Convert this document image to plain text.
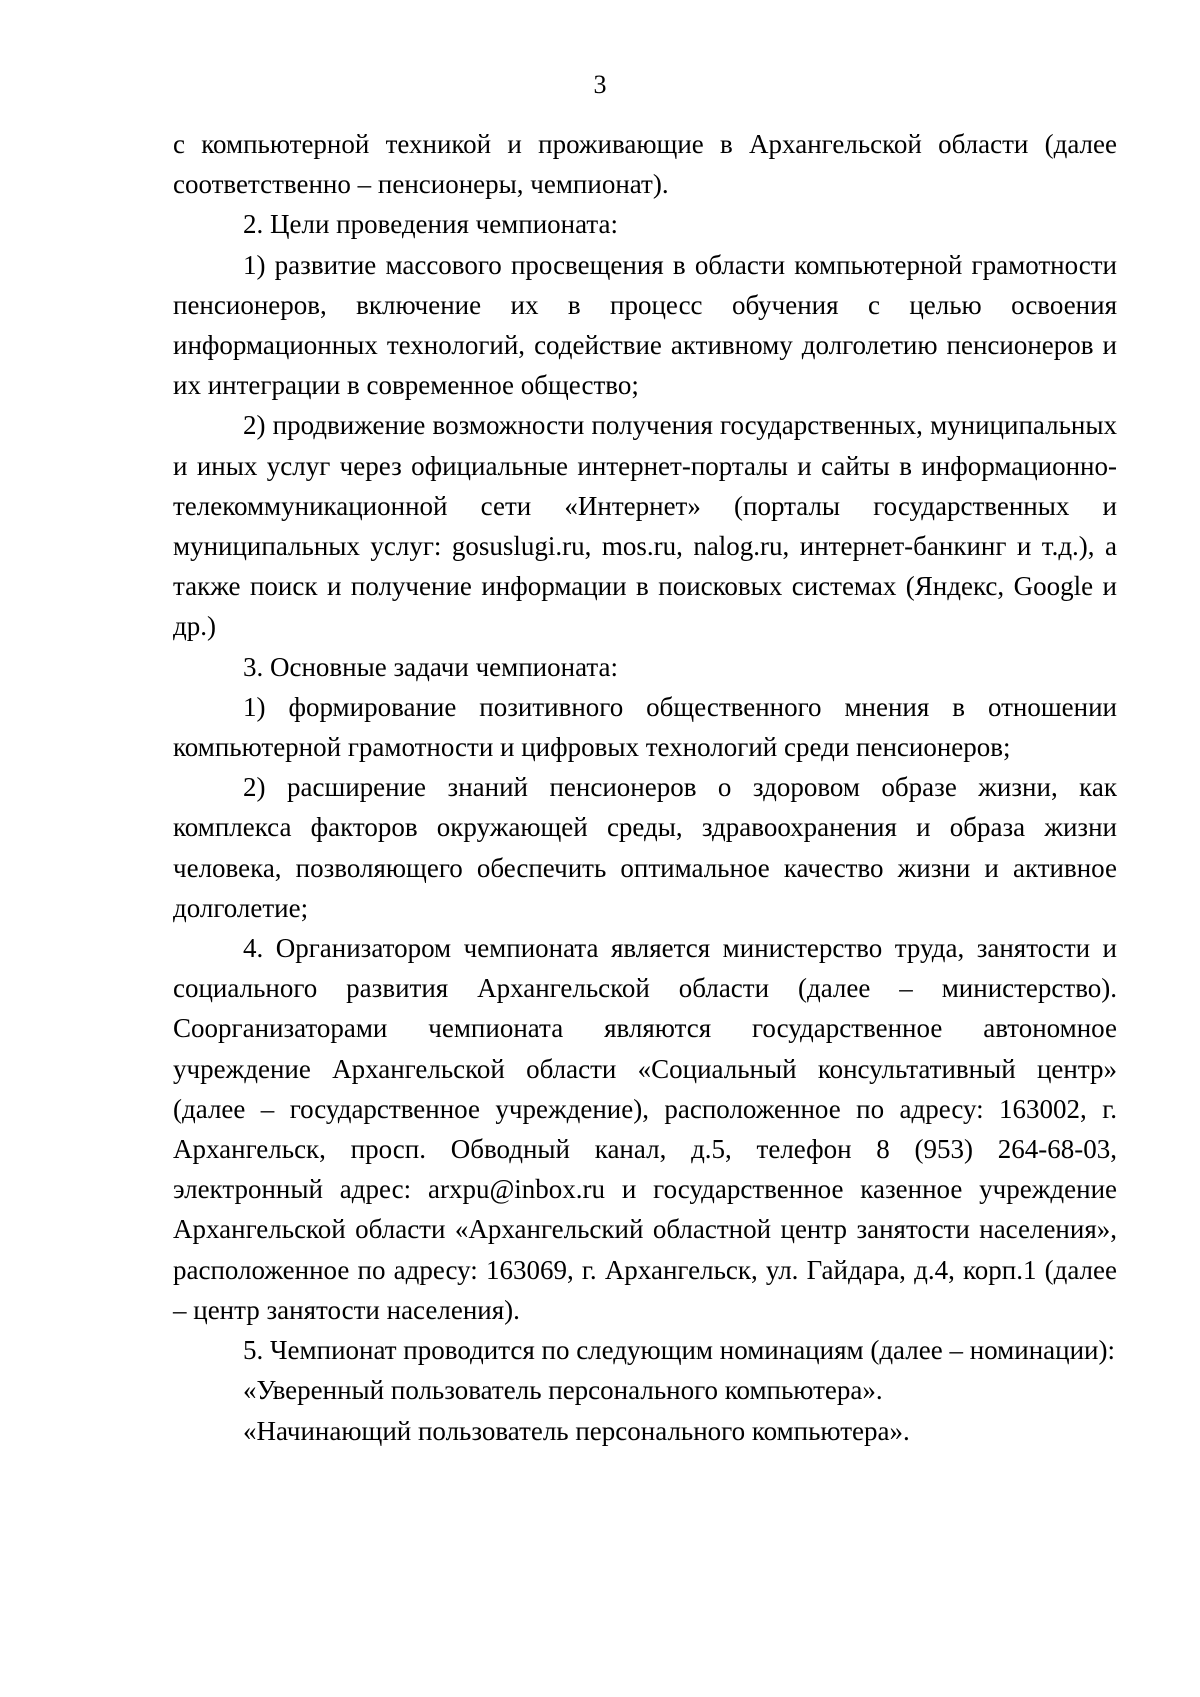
3

с компьютерной техникой и проживающие в Архангельской области (далее соответственно – пенсионеры, чемпионат).

2. Цели проведения чемпионата:

1) развитие массового просвещения в области компьютерной грамотности пенсионеров, включение их в процесс обучения с целью освоения информационных технологий, содействие активному долголетию пенсионеров и их интеграции в современное общество;

2) продвижение возможности получения государственных, муниципальных и иных услуг через официальные интернет-порталы и сайты в информационно-телекоммуникационной сети «Интернет» (порталы государственных и муниципальных услуг: gosuslugi.ru, mos.ru, nalog.ru, интернет-банкинг и т.д.), а также поиск и получение информации в поисковых системах (Яндекс, Google и др.)

3. Основные задачи чемпионата:

1) формирование позитивного общественного мнения в отношении компьютерной грамотности и цифровых технологий среди пенсионеров;

2) расширение знаний пенсионеров о здоровом образе жизни, как комплекса факторов окружающей среды, здравоохранения и образа жизни человека, позволяющего обеспечить оптимальное качество жизни и активное долголетие;

4. Организатором чемпионата является министерство труда, занятости и социального развития Архангельской области (далее – министерство). Соорганизаторами чемпионата являются государственное автономное учреждение Архангельской области «Социальный консультативный центр» (далее – государственное учреждение), расположенное по адресу: 163002, г. Архангельск, просп. Обводный канал, д.5, телефон 8 (953) 264-68-03, электронный адрес: arxpu@inbox.ru и государственное казенное учреждение Архангельской области «Архангельский областной центр занятости населения», расположенное по адресу: 163069, г. Архангельск, ул. Гайдара, д.4, корп.1 (далее – центр занятости населения).

5. Чемпионат проводится по следующим номинациям (далее – номинации):

«Уверенный пользователь персонального компьютера».

«Начинающий пользователь персонального компьютера».
